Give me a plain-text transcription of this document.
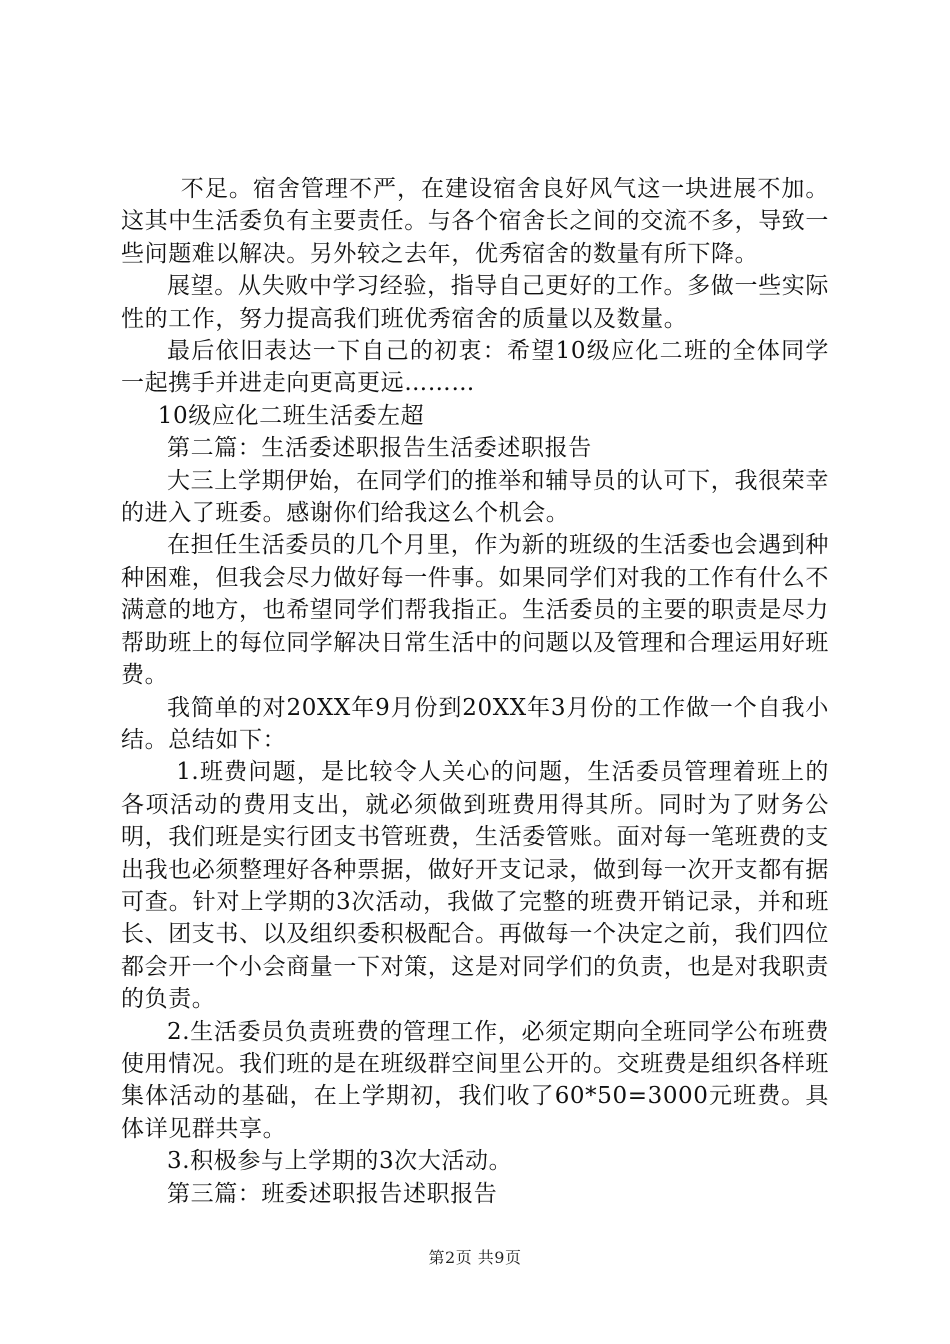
不足。宿舍管理不严，在建设宿舍良好风气这一块进展不加。这其中生活委负有主要责任。与各个宿舍长之间的交流不多，导致一些问题难以解决。另外较之去年，优秀宿舍的数量有所下降。

展望。从失败中学习经验，指导自己更好的工作。多做一些实际性的工作，努力提高我们班优秀宿舍的质量以及数量。

最后依旧表达一下自己的初衷：希望10级应化二班的全体同学一起携手并进走向更高更远………

10级应化二班生活委左超

第二篇：生活委述职报告生活委述职报告

大三上学期伊始，在同学们的推举和辅导员的认可下，我很荣幸的进入了班委。感谢你们给我这么个机会。

在担任生活委员的几个月里，作为新的班级的生活委也会遇到种种困难，但我会尽力做好每一件事。如果同学们对我的工作有什么不满意的地方，也希望同学们帮我指正。生活委员的主要的职责是尽力帮助班上的每位同学解决日常生活中的问题以及管理和合理运用好班费。

我简单的对20XX年9月份到20XX年3月份的工作做一个自我小结。总结如下：

1.班费问题，是比较令人关心的问题，生活委员管理着班上的各项活动的费用支出，就必须做到班费用得其所。同时为了财务公明，我们班是实行团支书管班费，生活委管账。面对每一笔班费的支出我也必须整理好各种票据，做好开支记录，做到每一次开支都有据可查。针对上学期的3次活动，我做了完整的班费开销记录，并和班长、团支书、以及组织委积极配合。再做每一个决定之前，我们四位都会开一个小会商量一下对策，这是对同学们的负责，也是对我职责的负责。

2.生活委员负责班费的管理工作，必须定期向全班同学公布班费使用情况。我们班的是在班级群空间里公开的。交班费是组织各样班集体活动的基础，在上学期初，我们收了60*50=3000元班费。具体详见群共享。

3.积极参与上学期的3次大活动。

第三篇：班委述职报告述职报告

第2页 共9页
